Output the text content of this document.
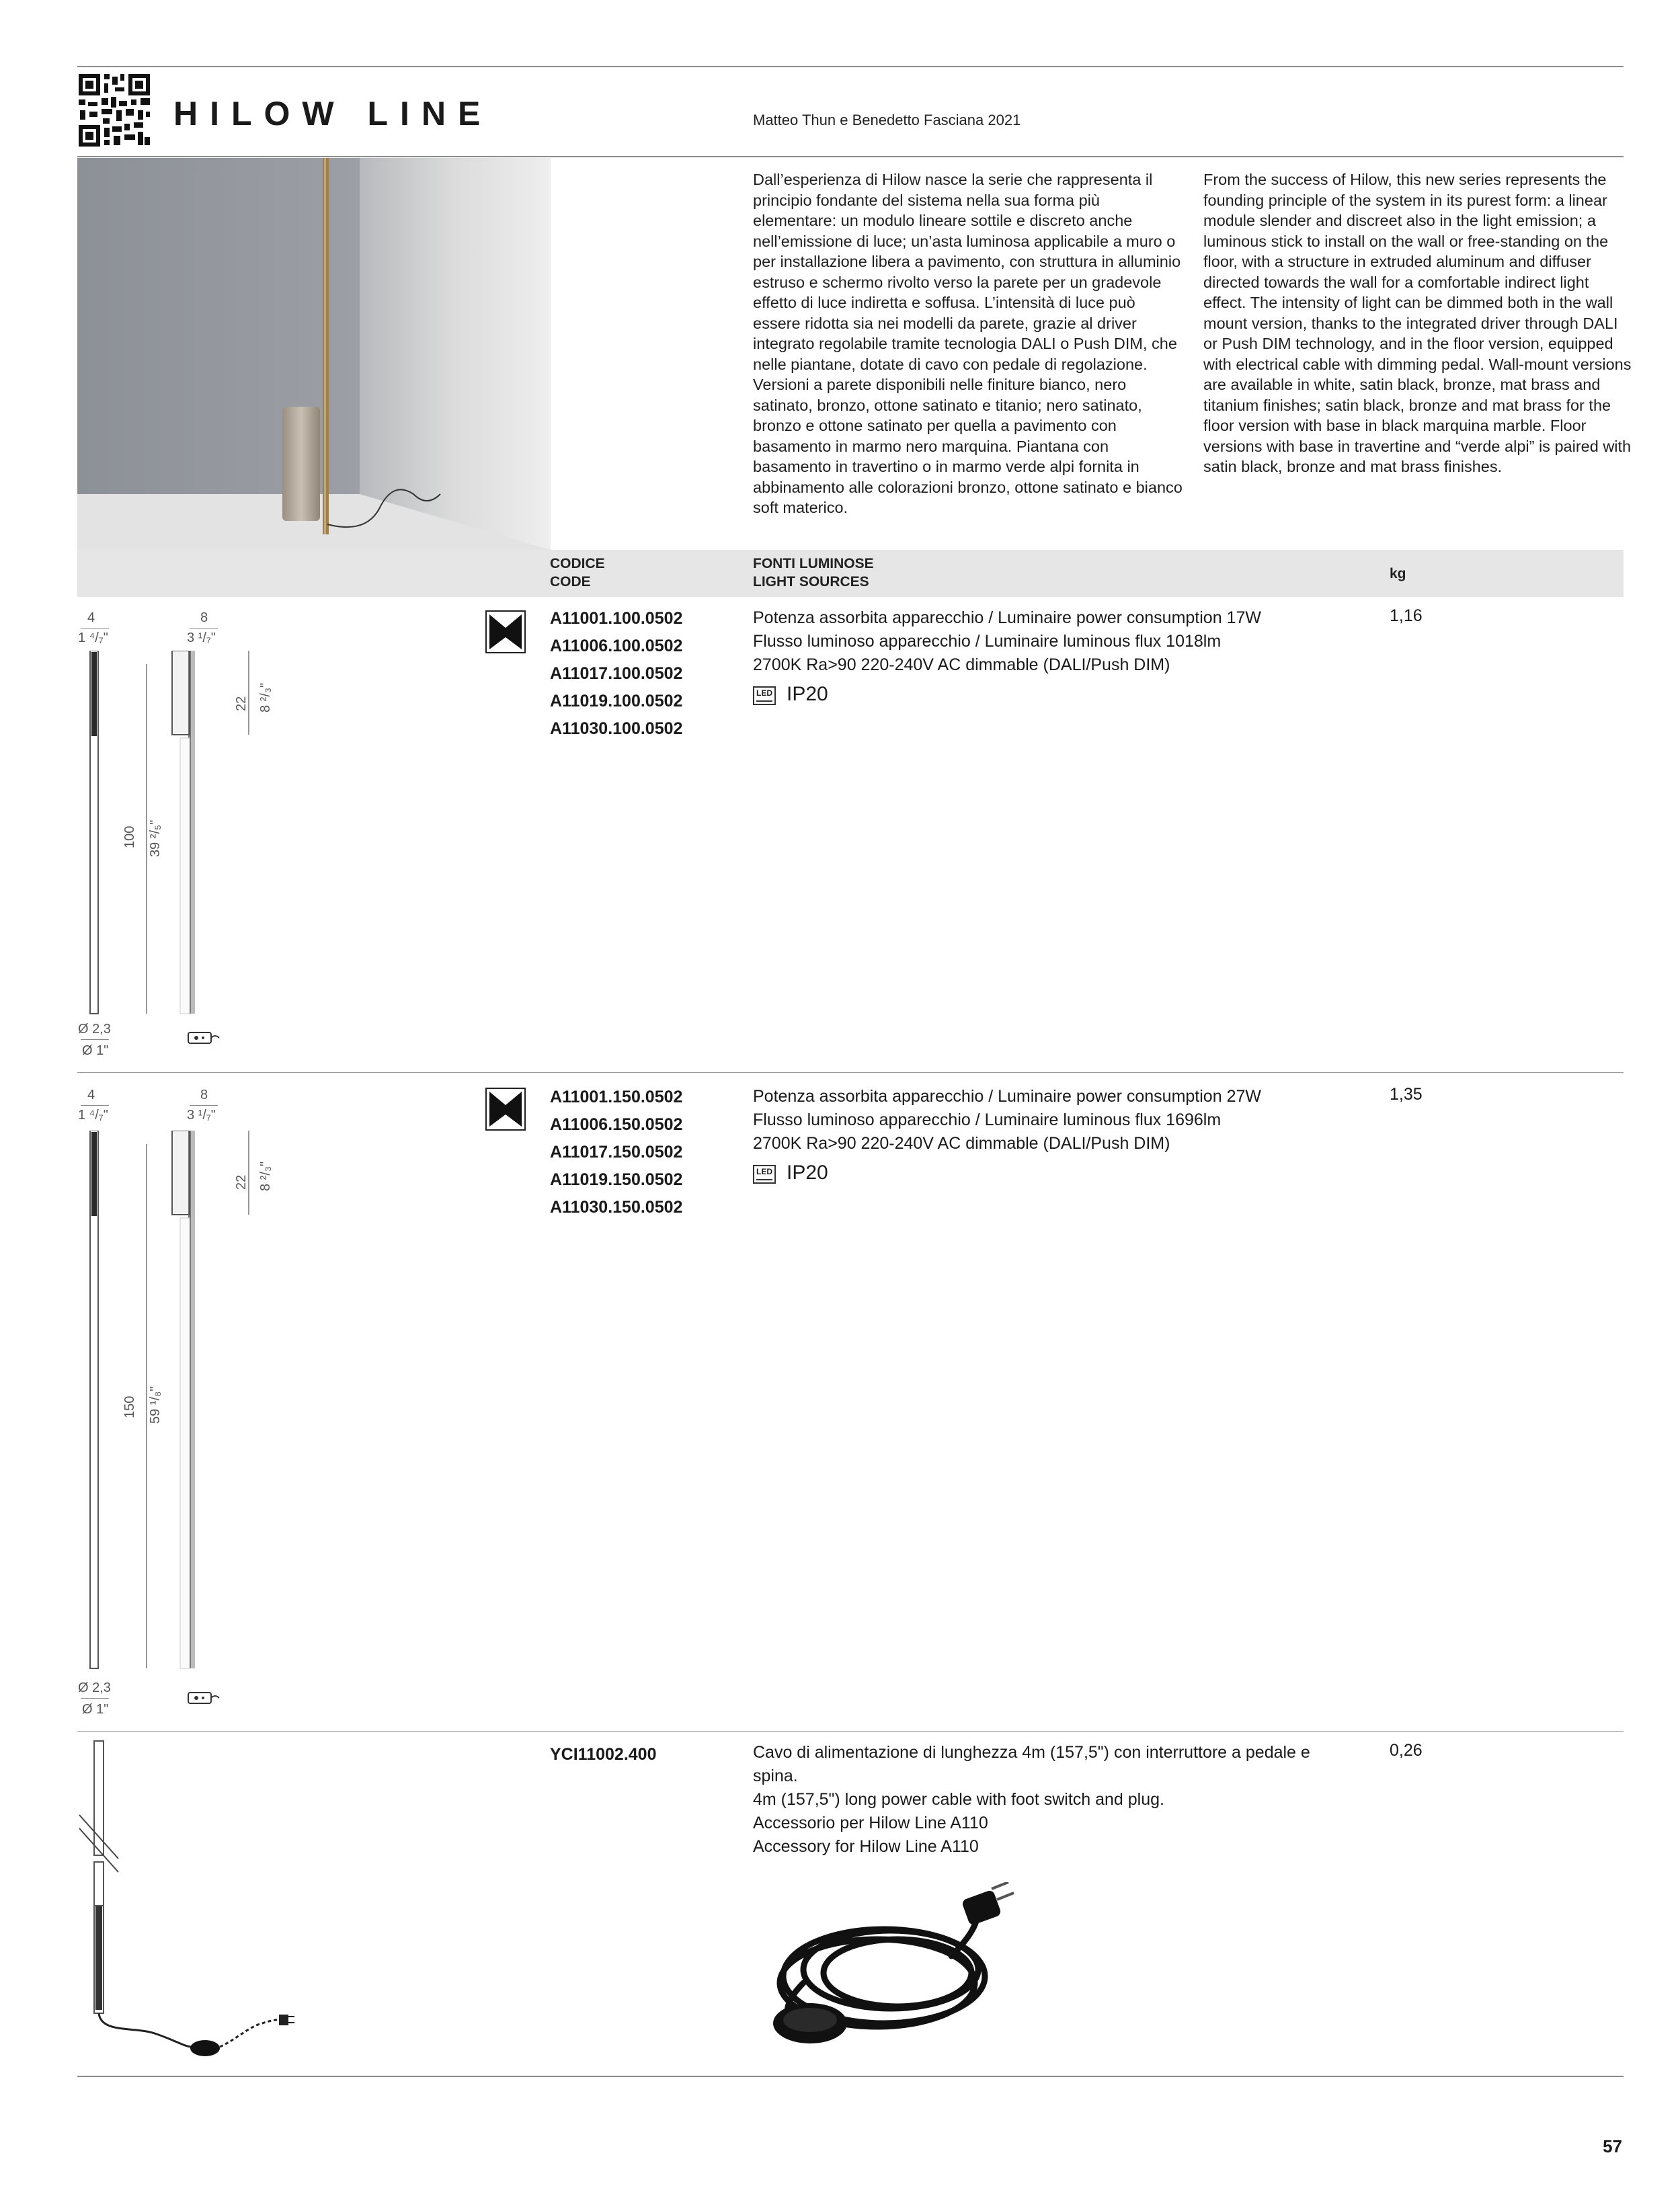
HILOW LINE	Matteo Thun e Benedetto Fasciana 2021
Dall’esperienza di Hilow nasce la serie che rappresenta il principio fondante del sistema nella sua forma più elementare: un modulo lineare sottile e discreto anche nell’emissione di luce; un’asta luminosa applicabile a muro o per installazione libera a pavimento, con struttura in alluminio estruso e schermo rivolto verso la parete per un gradevole effetto di luce indiretta e soffusa. L’intensità di luce può essere ridotta sia nei modelli da parete, grazie al driver integrato regolabile tramite tecnologia DALI o Push DIM, che nelle piantane, dotate di cavo con pedale di regolazione. Versioni a parete disponibili nelle finiture bianco, nero satinato, bronzo, ottone satinato e titanio; nero satinato, bronzo e ottone satinato per quella a pavimento con basamento in marmo nero marquina. Piantana con basamento in travertino o in marmo verde alpi fornita in abbinamento alle colorazioni bronzo, ottone satinato e bianco soft materico.
From the success of Hilow, this new series represents the founding principle of the system in its purest form: a linear module slender and discreet also in the light emission; a luminous stick to install on the wall or free-standing on the floor, with a structure in extruded aluminum and diffuser directed towards the wall for a comfortable indirect light effect. The intensity of light can be dimmed both in the wall mount version, thanks to the integrated driver through DALI or Push DIM technology, and in the floor version, equipped with electrical cable with dimming pedal. Wall-mount versions are available in white, satin black, bronze, mat brass and titanium finishes; satin black, bronze and mat brass for the floor version with base in black marquina marble. Floor versions with base in travertine and “verde alpi” is paired with satin black, bronze and mat brass finishes.
CODICE
CODE
FONTI LUMINOSE
LIGHT SOURCES
kg
4
1 ⁴/₇"
8
3 ¹/₇"
22 8 ²/₃"
100 39 ²/₅"
Ø 2,3
Ø 1"
A11001.100.0502
A11006.100.0502
A11017.100.0502
A11019.100.0502
A11030.100.0502
Potenza assorbita apparecchio / Luminaire power consumption 17W
Flusso luminoso apparecchio / Luminaire luminous flux 1018lm
2700K Ra>90 220-240V AC dimmable (DALI/Push DIM)
LED IP20
1,16
4
1 ⁴/₇"
8
3 ¹/₇"
22 8 ²/₃"
150 59 ¹/₈"
Ø 2,3
Ø 1"
A11001.150.0502
A11006.150.0502
A11017.150.0502
A11019.150.0502
A11030.150.0502
Potenza assorbita apparecchio / Luminaire power consumption 27W
Flusso luminoso apparecchio / Luminaire luminous flux 1696lm
2700K Ra>90 220-240V AC dimmable (DALI/Push DIM)
LED IP20
1,35
YCI11002.400	Cavo di alimentazione di lunghezza 4m (157,5") con interruttore a pedale e
spina.
4m (157,5") long power cable with foot switch and plug.
Accessorio per Hilow Line A110
Accessory for Hilow Line A110
0,26
57
